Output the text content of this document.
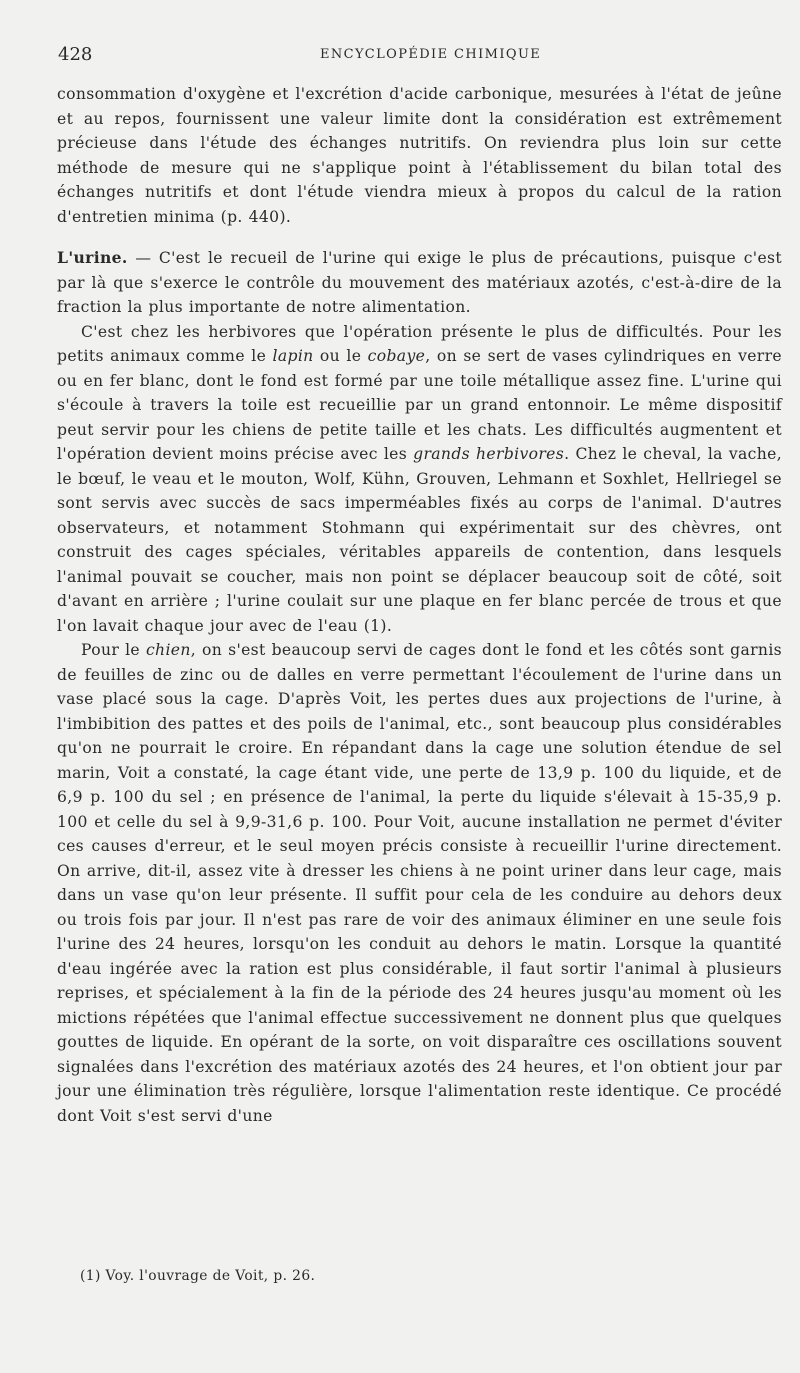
428	ENCYCLOPÉDIE CHIMIQUE

consommation d'oxygène et l'excrétion d'acide carbonique, mesurées à l'état de jeûne et au repos, fournissent une valeur limite dont la considération est extrêmement précieuse dans l'étude des échanges nutritifs. On reviendra plus loin sur cette méthode de mesure qui ne s'applique point à l'établissement du bilan total des échanges nutritifs et dont l'étude viendra mieux à propos du calcul de la ration d'entretien minima (p. 440).

L'urine. — C'est le recueil de l'urine qui exige le plus de précautions, puisque c'est par là que s'exerce le contrôle du mouvement des matériaux azotés, c'est-à-dire de la fraction la plus importante de notre alimentation.

C'est chez les herbivores que l'opération présente le plus de difficultés. Pour les petits animaux comme le lapin ou le cobaye, on se sert de vases cylindriques en verre ou en fer blanc, dont le fond est formé par une toile métallique assez fine. L'urine qui s'écoule à travers la toile est recueillie par un grand entonnoir. Le même dispositif peut servir pour les chiens de petite taille et les chats. Les difficultés augmentent et l'opération devient moins précise avec les grands herbivores. Chez le cheval, la vache, le bœuf, le veau et le mouton, Wolf, Kühn, Grouven, Lehmann et Soxhlet, Hellriegel se sont servis avec succès de sacs imperméables fixés au corps de l'animal. D'autres observateurs, et notamment Stohmann qui expérimentait sur des chèvres, ont construit des cages spéciales, véritables appareils de contention, dans lesquels l'animal pouvait se coucher, mais non point se déplacer beaucoup soit de côté, soit d'avant en arrière ; l'urine coulait sur une plaque en fer blanc percée de trous et que l'on lavait chaque jour avec de l'eau (1).

Pour le chien, on s'est beaucoup servi de cages dont le fond et les côtés sont garnis de feuilles de zinc ou de dalles en verre permettant l'écoulement de l'urine dans un vase placé sous la cage. D'après Voit, les pertes dues aux projections de l'urine, à l'imbibition des pattes et des poils de l'animal, etc., sont beaucoup plus considérables qu'on ne pourrait le croire. En répandant dans la cage une solution étendue de sel marin, Voit a constaté, la cage étant vide, une perte de 13,9 p. 100 du liquide, et de 6,9 p. 100 du sel ; en présence de l'animal, la perte du liquide s'élevait à 15-35,9 p. 100 et celle du sel à 9,9-31,6 p. 100. Pour Voit, aucune installation ne permet d'éviter ces causes d'erreur, et le seul moyen précis consiste à recueillir l'urine directement. On arrive, dit-il, assez vite à dresser les chiens à ne point uriner dans leur cage, mais dans un vase qu'on leur présente. Il suffit pour cela de les conduire au dehors deux ou trois fois par jour. Il n'est pas rare de voir des animaux éliminer en une seule fois l'urine des 24 heures, lorsqu'on les conduit au dehors le matin. Lorsque la quantité d'eau ingérée avec la ration est plus considérable, il faut sortir l'animal à plusieurs reprises, et spécialement à la fin de la période des 24 heures jusqu'au moment où les mictions répétées que l'animal effectue successivement ne donnent plus que quelques gouttes de liquide. En opérant de la sorte, on voit disparaître ces oscillations souvent signalées dans l'excrétion des matériaux azotés des 24 heures, et l'on obtient jour par jour une élimination très régulière, lorsque l'alimentation reste identique. Ce procédé dont Voit s'est servi d'une

(1) Voy. l'ouvrage de Voit, p. 26.
